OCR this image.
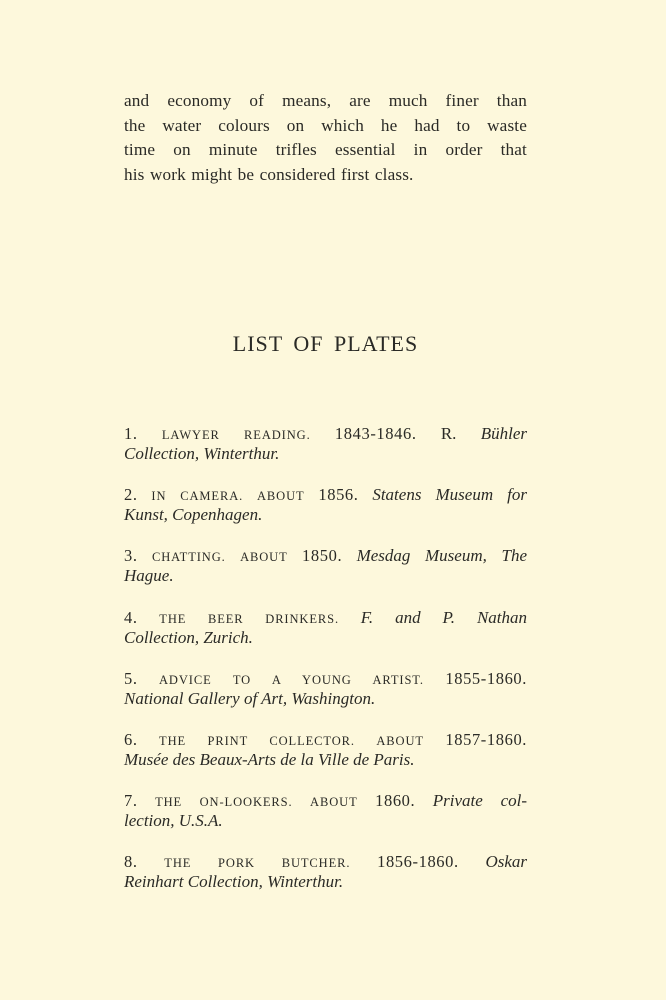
and economy of means, are much finer than
the water colours on which he had to waste
time on minute trifles essential in order that
his work might be considered first class.
LIST OF PLATES
1. LAWYER READING. 1843-1846. R. Bühler
Collection, Winterthur.
2. IN CAMERA. ABOUT 1856. Statens Museum for
Kunst, Copenhagen.
3. CHATTING. ABOUT 1850. Mesdag Museum, The
Hague.
4. THE BEER DRINKERS. F. and P. Nathan
Collection, Zurich.
5. ADVICE TO A YOUNG ARTIST. 1855-1860.
National Gallery of Art, Washington.
6. THE PRINT COLLECTOR. ABOUT 1857-1860.
Musée des Beaux-Arts de la Ville de Paris.
7. THE ON-LOOKERS. ABOUT 1860. Private col-
lection, U.S.A.
8. THE PORK BUTCHER. 1856-1860. Oskar
Reinhart Collection, Winterthur.
